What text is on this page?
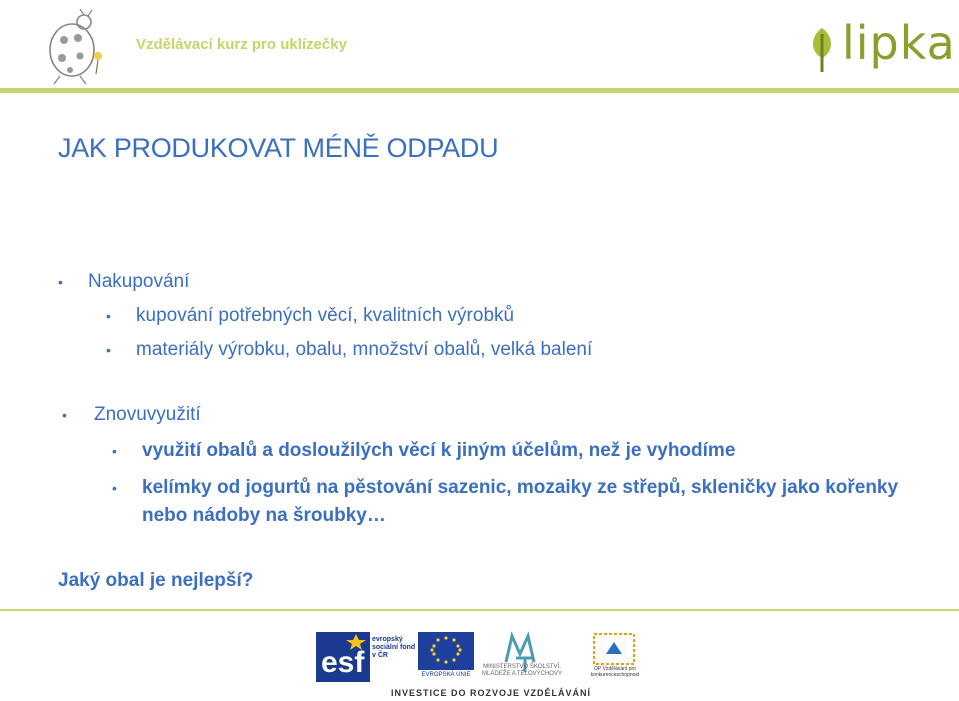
Vzdělávací kurz pro uklízečky	lipka
JAK PRODUKOVAT MÉNĚ ODPADU
• Nakupování
• kupování potřebných věcí, kvalitních výrobků
• materiály výrobku, obalu, množství obalů, velká balení
• Znovuvyužití
• využití obalů a dosloužilých věcí k jiným účelům, než je vyhodíme
• kelímky od jogurtů na pěstování sazenic, mozaiky ze střepů, skleničky jako kořenky nebo nádoby na šroubky…
Jaký obal je nejlepší?
esf
evropský sociální fond v ČR
EVROPSKÁ UNIE
MINISTERSTVO ŠKOLSTVÍ, MLÁDEŽE A TĚLOVÝCHOVY
OP Vzdělávání pro konkurenceschopnost
INVESTICE DO ROZVOJE VZDĚLÁVÁNÍ
